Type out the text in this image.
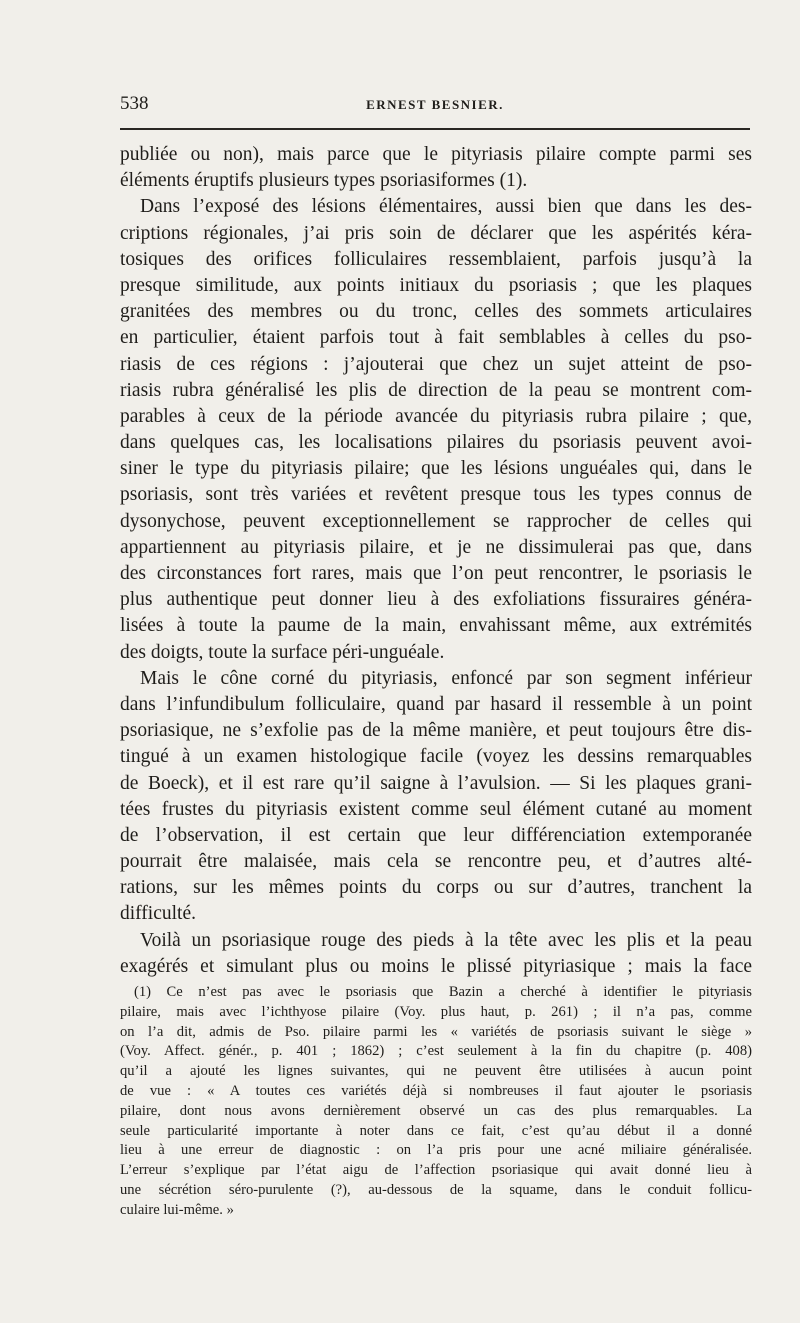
538	ERNEST BESNIER.
publiée ou non), mais parce que le pityriasis pilaire compte parmi ses
éléments éruptifs plusieurs types psoriasiformes (1).
Dans l’exposé des lésions élémentaires, aussi bien que dans les des-
criptions régionales, j’ai pris soin de déclarer que les aspérités kéra-
tosiques des orifices folliculaires ressemblaient, parfois jusqu’à la
presque similitude, aux points initiaux du psoriasis ; que les plaques
granitées des membres ou du tronc, celles des sommets articulaires
en particulier, étaient parfois tout à fait semblables à celles du pso-
riasis de ces régions : j’ajouterai que chez un sujet atteint de pso-
riasis rubra généralisé les plis de direction de la peau se montrent com-
parables à ceux de la période avancée du pityriasis rubra pilaire ; que,
dans quelques cas, les localisations pilaires du psoriasis peuvent avoi-
siner le type du pityriasis pilaire; que les lésions unguéales qui, dans le
psoriasis, sont très variées et revêtent presque tous les types connus de
dysonychose, peuvent exceptionnellement se rapprocher de celles qui
appartiennent au pityriasis pilaire, et je ne dissimulerai pas que, dans
des circonstances fort rares, mais que l’on peut rencontrer, le psoriasis le
plus authentique peut donner lieu à des exfoliations fissuraires généra-
lisées à toute la paume de la main, envahissant même, aux extrémités
des doigts, toute la surface péri-unguéale.
Mais le cône corné du pityriasis, enfoncé par son segment inférieur
dans l’infundibulum folliculaire, quand par hasard il ressemble à un point
psoriasique, ne s’exfolie pas de la même manière, et peut toujours être dis-
tingué à un examen histologique facile (voyez les dessins remarquables
de Boeck), et il est rare qu’il saigne à l’avulsion. — Si les plaques grani-
tées frustes du pityriasis existent comme seul élément cutané au moment
de l’observation, il est certain que leur différenciation extemporanée
pourrait être malaisée, mais cela se rencontre peu, et d’autres alté-
rations, sur les mêmes points du corps ou sur d’autres, tranchent la
difficulté.
Voilà un psoriasique rouge des pieds à la tête avec les plis et la peau
exagérés et simulant plus ou moins le plissé pityriasique ; mais la face
(1) Ce n’est pas avec le psoriasis que Bazin a cherché à identifier le pityriasis
pilaire, mais avec l’ichthyose pilaire (Voy. plus haut, p. 261) ; il n’a pas, comme
on l’a dit, admis de Pso. pilaire parmi les « variétés de psoriasis suivant le siège »
(Voy. Affect. génér., p. 401 ; 1862) ; c’est seulement à la fin du chapitre (p. 408)
qu’il a ajouté les lignes suivantes, qui ne peuvent être utilisées à aucun point
de vue : « A toutes ces variétés déjà si nombreuses il faut ajouter le psoriasis
pilaire, dont nous avons dernièrement observé un cas des plus remarquables. La
seule particularité importante à noter dans ce fait, c’est qu’au début il a donné
lieu à une erreur de diagnostic : on l’a pris pour une acné miliaire généralisée.
L’erreur s’explique par l’état aigu de l’affection psoriasique qui avait donné lieu à
une sécrétion séro-purulente (?), au-dessous de la squame, dans le conduit follicu-
culaire lui-même. »
